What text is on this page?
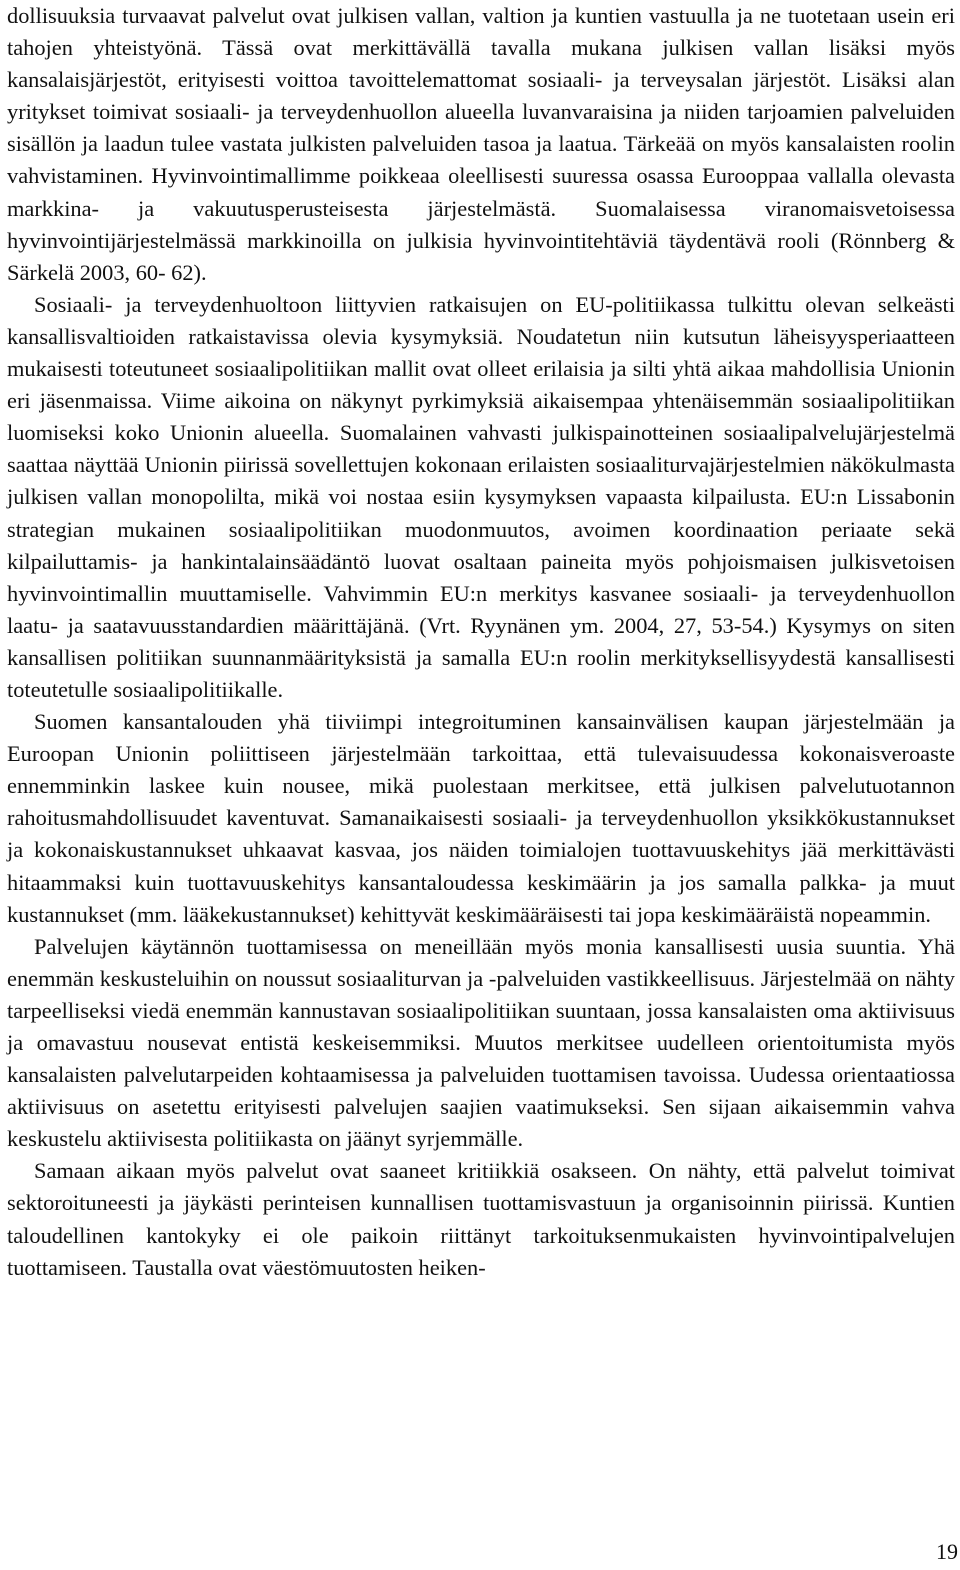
dollisuuksia turvaavat palvelut ovat julkisen vallan, valtion ja kuntien vastuulla ja ne tuotetaan usein eri tahojen yhteistyönä. Tässä ovat merkittävällä tavalla mukana julkisen vallan lisäksi myös kansalaisjärjestöt, erityisesti voittoa tavoittelemattomat sosiaali- ja terveysalan järjestöt. Lisäksi alan yritykset toimivat sosiaali- ja terveydenhuollon alueella luvanvaraisina ja niiden tarjoamien palveluiden sisällön ja laadun tulee vastata julkisten palveluiden tasoa ja laatua. Tärkeää on myös kansalaisten roolin vahvistaminen. Hyvinvointimallimme poikkeaa oleellisesti suuressa osassa Eurooppaa vallalla olevasta markkina- ja vakuutusperusteisesta järjestelmästä. Suomalaisessa viranomaisvetoisessa hyvinvointijärjestelmässä markkinoilla on julkisia hyvinvointitehtäviä täydentävä rooli (Rönnberg & Särkelä 2003, 60- 62).

Sosiaali- ja terveydenhuoltoon liittyvien ratkaisujen on EU-politiikassa tulkittu olevan selkeästi kansallisvaltioiden ratkaistavissa olevia kysymyksiä. Noudatetun niin kutsutun läheisyysperiaatteen mukaisesti toteutuneet sosiaalipolitiikan mallit ovat olleet erilaisia ja silti yhtä aikaa mahdollisia Unionin eri jäsenmaissa. Viime aikoina on näkynyt pyrkimyksiä aikaisempaa yhtenäisemmän sosiaalipolitiikan luomiseksi koko Unionin alueella. Suomalainen vahvasti julkispainotteinen sosiaalipalvelujärjestelmä saattaa näyttää Unionin piirissä sovellettujen kokonaan erilaisten sosiaaliturvajärjestelmien näkökulmasta julkisen vallan monopolilta, mikä voi nostaa esiin kysymyksen vapaasta kilpailusta. EU:n Lissabonin strategian mukainen sosiaalipolitiikan muodonmuutos, avoimen koordinaation periaate sekä kilpailuttamis- ja hankintalainsäädäntö luovat osaltaan paineita myös pohjoismaisen julkisvetoisen hyvinvointimallin muuttamiselle. Vahvimmin EU:n merkitys kasvanee sosiaali- ja terveydenhuollon laatu- ja saatavuusstandardien määrittäjänä. (Vrt. Ryynänen ym. 2004, 27, 53-54.) Kysymys on siten kansallisen politiikan suunnanmäärityksistä ja samalla EU:n roolin merkityksellisyydestä kansallisesti toteutetulle sosiaalipolitiikalle.

Suomen kansantalouden yhä tiiviimpi integroituminen kansainvälisen kaupan järjestelmään ja Euroopan Unionin poliittiseen järjestelmään tarkoittaa, että tulevaisuudessa kokonaisveroaste ennemminkin laskee kuin nousee, mikä puolestaan merkitsee, että julkisen palvelutuotannon rahoitusmahdollisuudet kaventuvat. Samanaikaisesti sosiaali- ja terveydenhuollon yksikkökustannukset ja kokonaiskustannukset uhkaavat kasvaa, jos näiden toimialojen tuottavuuskehitys jää merkittävästi hitaammaksi kuin tuottavuuskehitys kansantaloudessa keskimäärin ja jos samalla palkka- ja muut kustannukset (mm. lääkekustannukset) kehittyvät keskimääräisesti tai jopa keskimääräistä nopeammin.

Palvelujen käytännön tuottamisessa on meneillään myös monia kansallisesti uusia suuntia. Yhä enemmän keskusteluihin on noussut sosiaaliturvan ja -palveluiden vastikkeellisuus. Järjestelmää on nähty tarpeelliseksi viedä enemmän kannustavan sosiaalipolitiikan suuntaan, jossa kansalaisten oma aktiivisuus ja omavastuu nousevat entistä keskeisemmiksi. Muutos merkitsee uudelleen orientoitumista myös kansalaisten palvelutarpeiden kohtaamisessa ja palveluiden tuottamisen tavoissa. Uudessa orientaatiossa aktiivisuus on asetettu erityisesti palvelujen saajien vaatimukseksi. Sen sijaan aikaisemmin vahva keskustelu aktiivisesta politiikasta on jäänyt syrjemmälle.

Samaan aikaan myös palvelut ovat saaneet kritiikkiä osakseen. On nähty, että palvelut toimivat sektoroituneesti ja jäykästi perinteisen kunnallisen tuottamisvastuun ja organisoinnin piirissä. Kuntien taloudellinen kantokyky ei ole paikoin riittänyt tarkoituksenmukaisten hyvinvointipalvelujen tuottamiseen. Taustalla ovat väestömuutosten heiken-

19
